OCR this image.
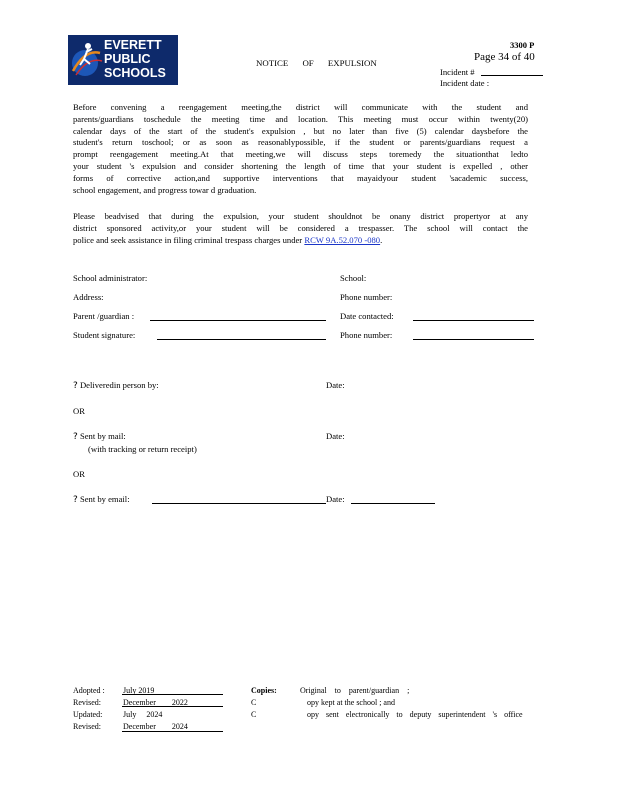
EVERETT
PUBLIC
SCHOOLS
3300 P
Page 34 of 40
NOTICE OF EXPULSION
Incident #
Incident date :

Before convening a reengagement meeting,the district will communicate with the student and

parents/guardians toschedule the meeting time and location. This meeting must occur within twenty(20)

calendar days of the start of the student's expulsion , but no later than five (5) calendar daysbefore the

student's return toschool; or as soon as reasonablypossible, if the student or parents/guardians request a

prompt reengagement meeting.At that meeting,we will discuss steps toremedy the situationthat ledto

your student 's expulsion and consider shortening the length of time that your student is expelled , other

forms of corrective action,and supportive interventions that mayaidyour student 'sacademic success,

school engagement, and progress towar d graduation.

Please beadvised that during the expulsion, your student shouldnot be onany district propertyor at any

district sponsored activity,or your student will be considered a trespasser. The school will contact the

police and seek assistance in filing criminal trespass charges under RCW 9A.52.070 -080.

School administrator:	School:
Address:	Phone number:
Parent /guardian :	Date contacted:
Student signature:	Phone number:
? Deliveredin person by:	Date:
OR
? Sent by mail:	Date:
(with tracking or return receipt)
OR
? Sent by email:	Date:
Adopted : July 2019
Revised:	December 2022
Updated:	July 2024
Revised:	December 2024
Copies:	Original to parent/guardian ;
C	opy kept at the school ; and
C	opy sent electronically to deputy superintendent 's office
